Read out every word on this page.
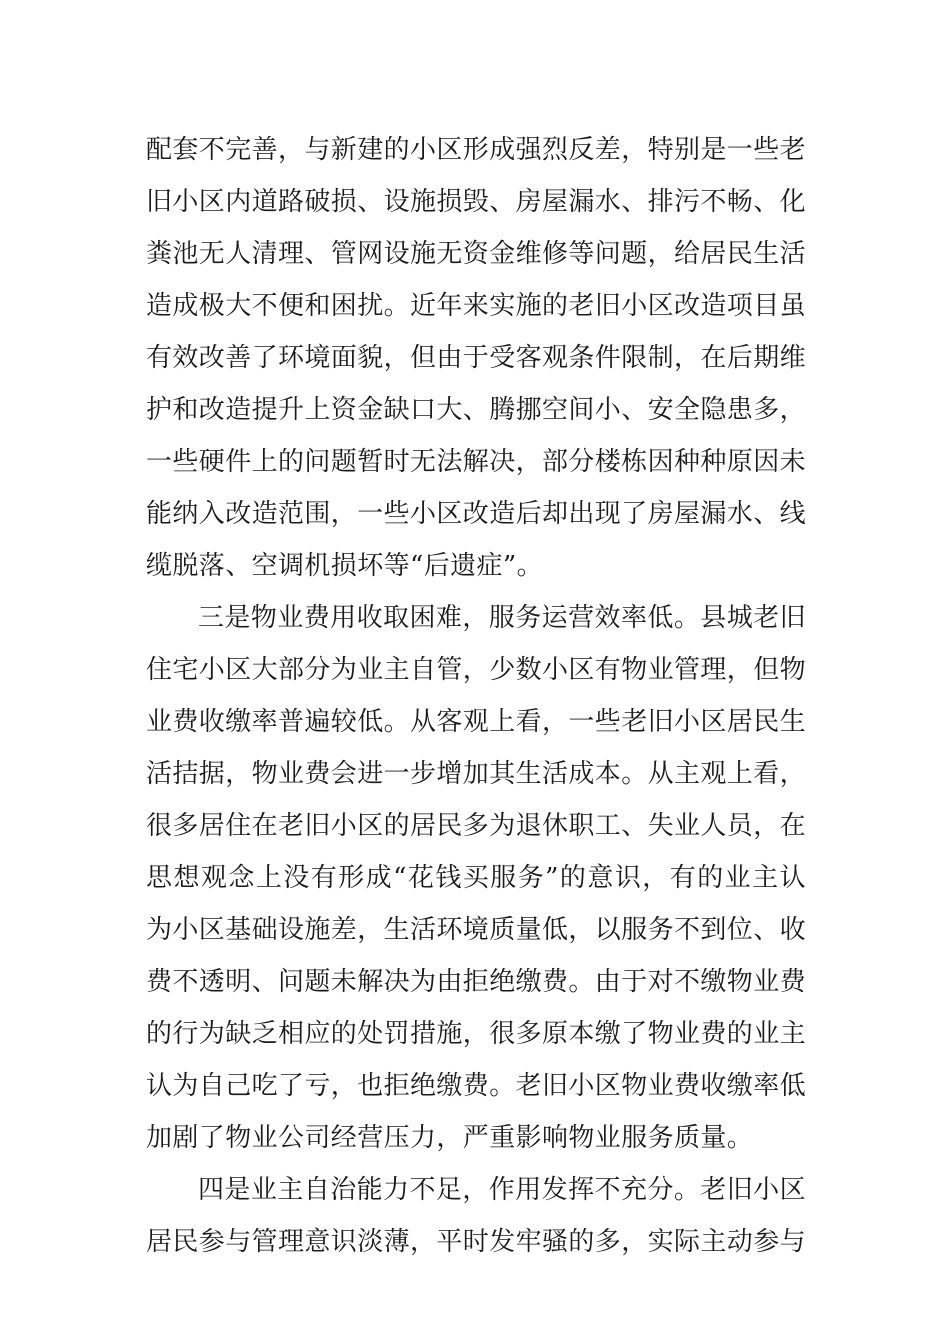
配套不完善，与新建的小区形成强烈反差，特别是一些老
旧小区内道路破损、设施损毁、房屋漏水、排污不畅、化
粪池无人清理、管网设施无资金维修等问题，给居民生活
造成极大不便和困扰。近年来实施的老旧小区改造项目虽
有效改善了环境面貌，但由于受客观条件限制，在后期维
护和改造提升上资金缺口大、腾挪空间小、安全隐患多，
一些硬件上的问题暂时无法解决，部分楼栋因种种原因未
能纳入改造范围，一些小区改造后却出现了房屋漏水、线
缆脱落、空调机损坏等“后遗症”。
三是物业费用收取困难，服务运营效率低。县城老旧
住宅小区大部分为业主自管，少数小区有物业管理，但物
业费收缴率普遍较低。从客观上看，一些老旧小区居民生
活拮据，物业费会进一步增加其生活成本。从主观上看，
很多居住在老旧小区的居民多为退休职工、失业人员，在
思想观念上没有形成“花钱买服务”的意识，有的业主认
为小区基础设施差，生活环境质量低，以服务不到位、收
费不透明、问题未解决为由拒绝缴费。由于对不缴物业费
的行为缺乏相应的处罚措施，很多原本缴了物业费的业主
认为自己吃了亏，也拒绝缴费。老旧小区物业费收缴率低
加剧了物业公司经营压力，严重影响物业服务质量。
四是业主自治能力不足，作用发挥不充分。老旧小区
居民参与管理意识淡薄，平时发牢骚的多，实际主动参与
